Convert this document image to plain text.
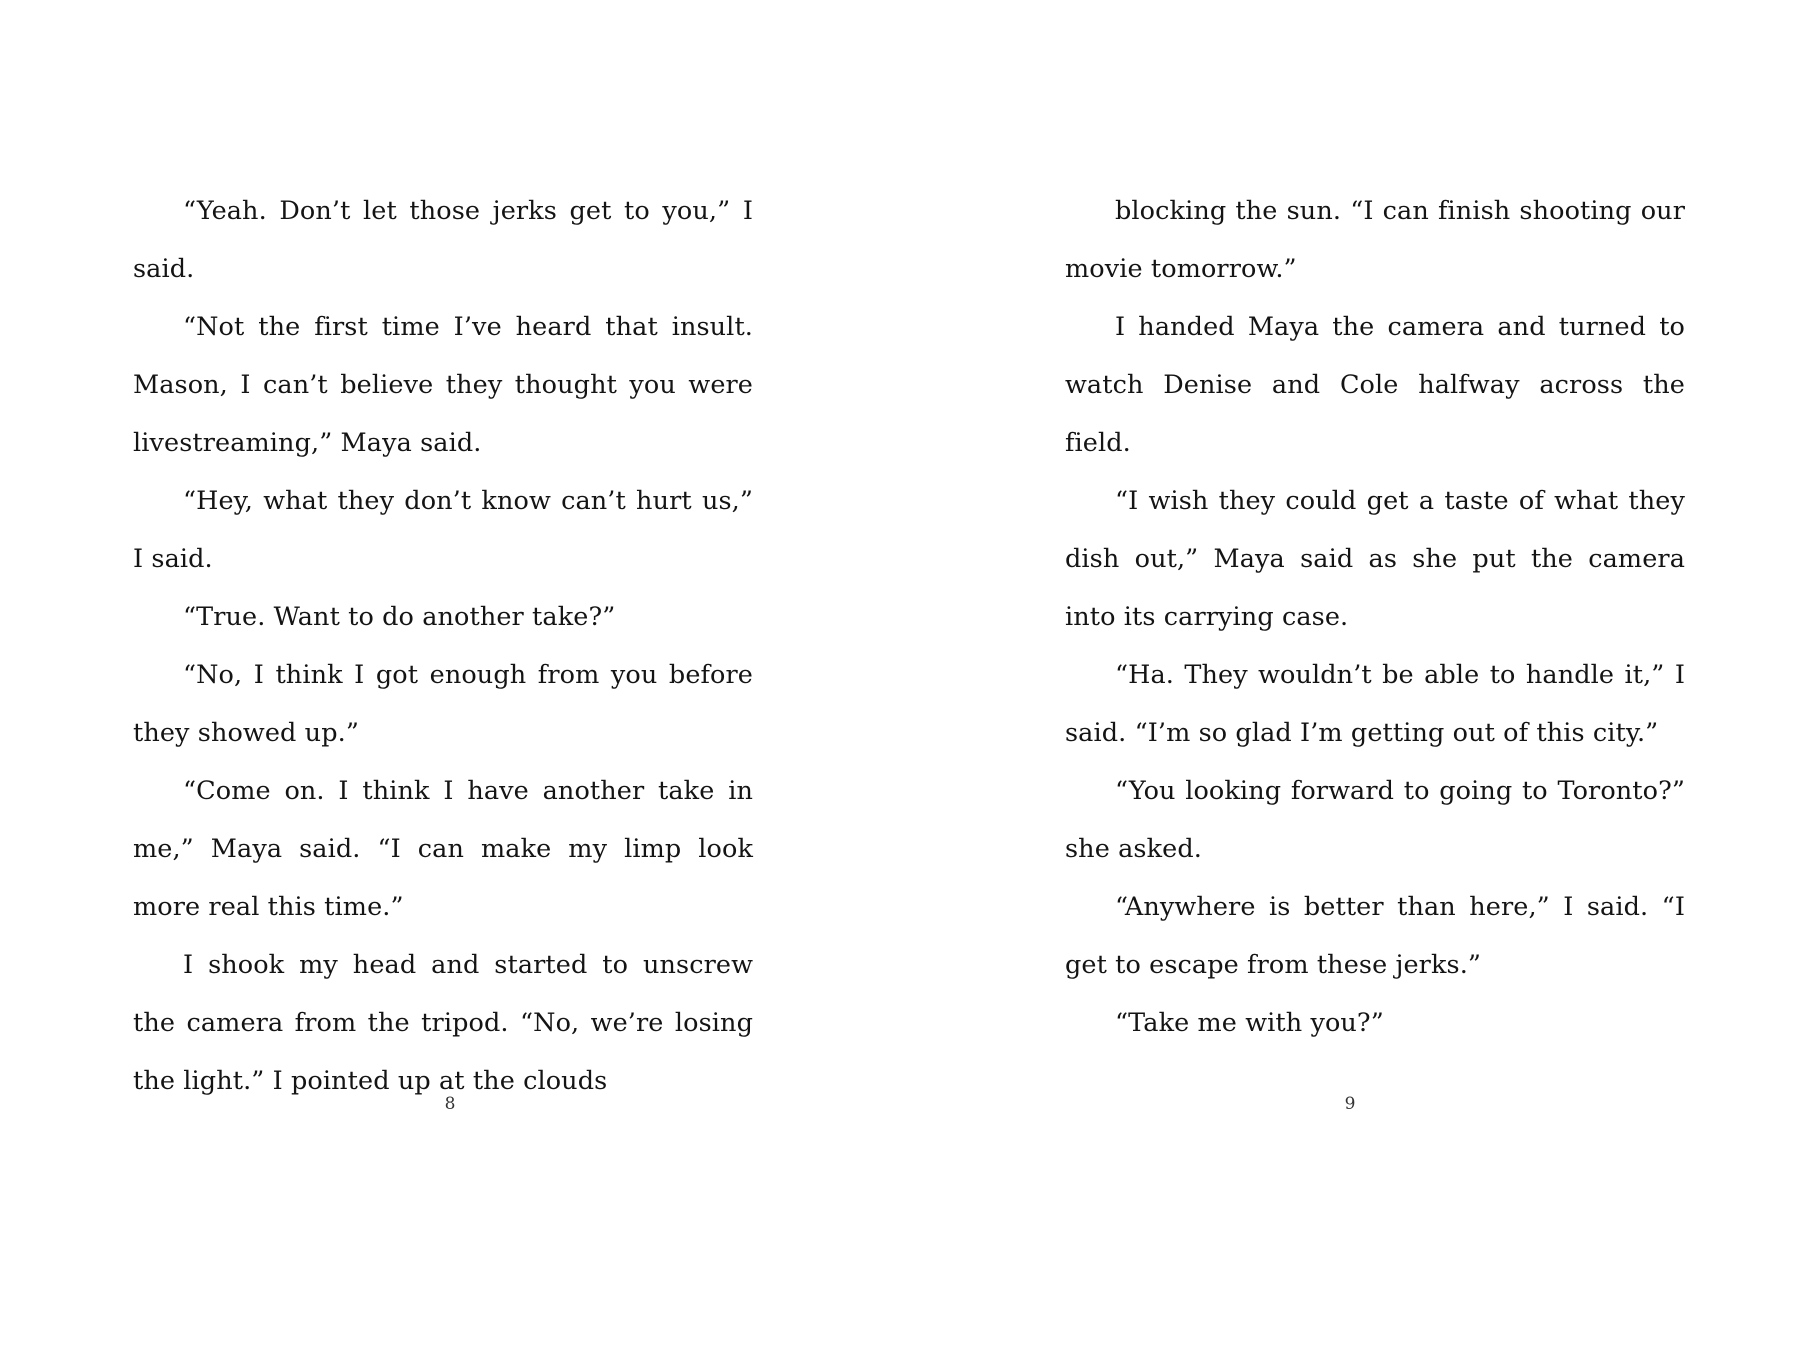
“Yeah. Don’t let those jerks get to you,” I said.

“Not the first time I’ve heard that insult. Mason, I can’t believe they thought you were livestreaming,” Maya said.

“Hey, what they don’t know can’t hurt us,” I said.

“True. Want to do another take?”

“No, I think I got enough from you before they showed up.”

“Come on. I think I have another take in me,” Maya said. “I can make my limp look more real this time.”

I shook my head and started to unscrew the camera from the tripod. “No, we’re losing the light.” I pointed up at the clouds

8

blocking the sun. “I can finish shooting our movie tomorrow.”

I handed Maya the camera and turned to watch Denise and Cole halfway across the field.

“I wish they could get a taste of what they dish out,” Maya said as she put the camera into its carrying case.

“Ha. They wouldn’t be able to handle it,” I said. “I’m so glad I’m getting out of this city.”

“You looking forward to going to Toronto?” she asked.

“Anywhere is better than here,” I said. “I get to escape from these jerks.”

“Take me with you?”

9
